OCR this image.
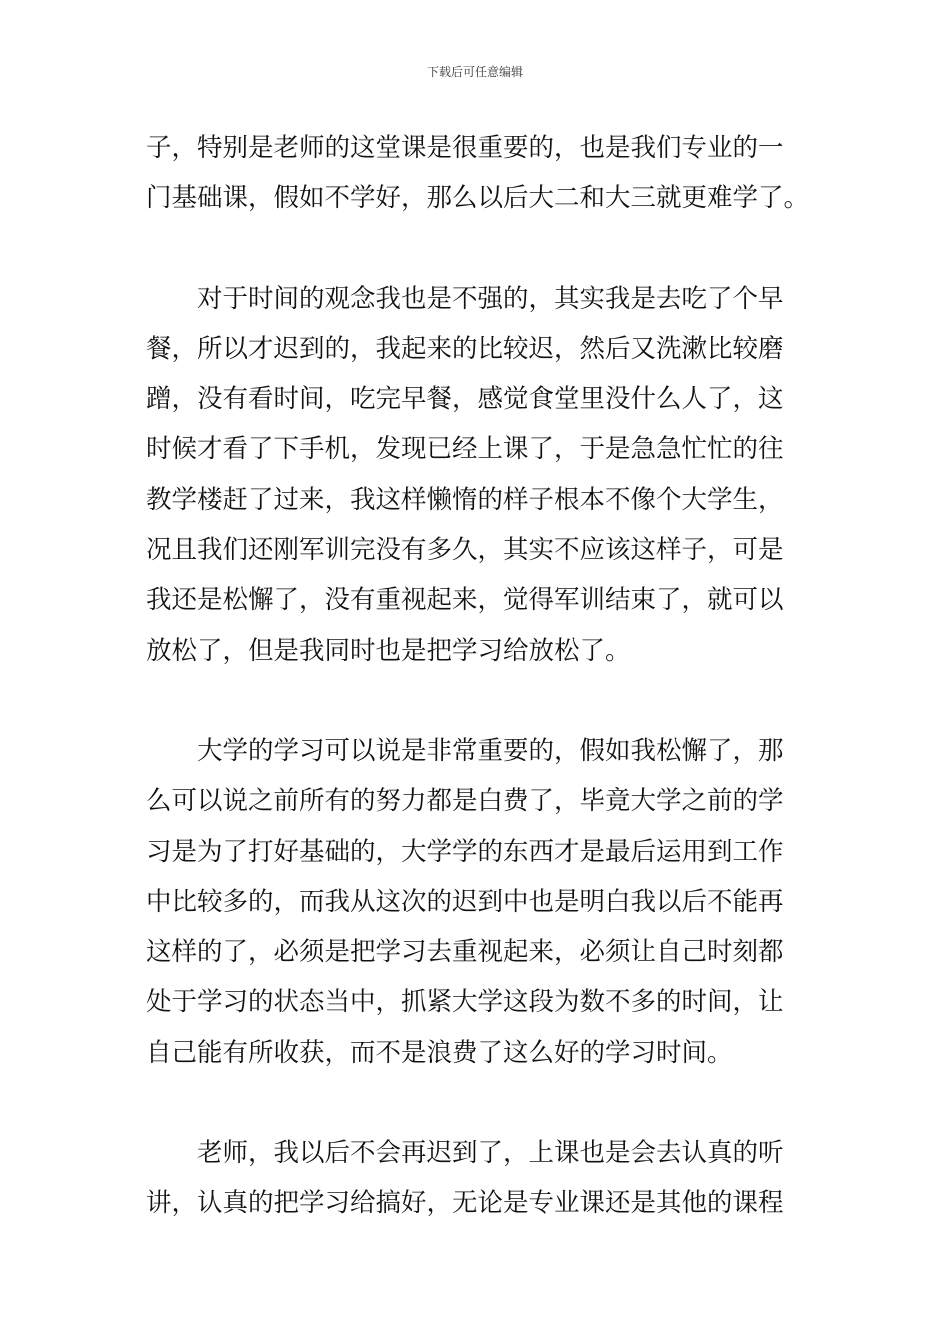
下载后可任意编辑

子，特别是老师的这堂课是很重要的，也是我们专业的一
门基础课，假如不学好，那么以后大二和大三就更难学了。

对于时间的观念我也是不强的，其实我是去吃了个早
餐，所以才迟到的，我起来的比较迟，然后又洗漱比较磨
蹭，没有看时间，吃完早餐，感觉食堂里没什么人了，这
时候才看了下手机，发现已经上课了，于是急急忙忙的往
教学楼赶了过来，我这样懒惰的样子根本不像个大学生，
况且我们还刚军训完没有多久，其实不应该这样子，可是
我还是松懈了，没有重视起来，觉得军训结束了，就可以
放松了，但是我同时也是把学习给放松了。

大学的学习可以说是非常重要的，假如我松懈了，那
么可以说之前所有的努力都是白费了，毕竟大学之前的学
习是为了打好基础的，大学学的东西才是最后运用到工作
中比较多的，而我从这次的迟到中也是明白我以后不能再
这样的了，必须是把学习去重视起来，必须让自己时刻都
处于学习的状态当中，抓紧大学这段为数不多的时间，让
自己能有所收获，而不是浪费了这么好的学习时间。

老师，我以后不会再迟到了，上课也是会去认真的听
讲，认真的把学习给搞好，无论是专业课还是其他的课程
